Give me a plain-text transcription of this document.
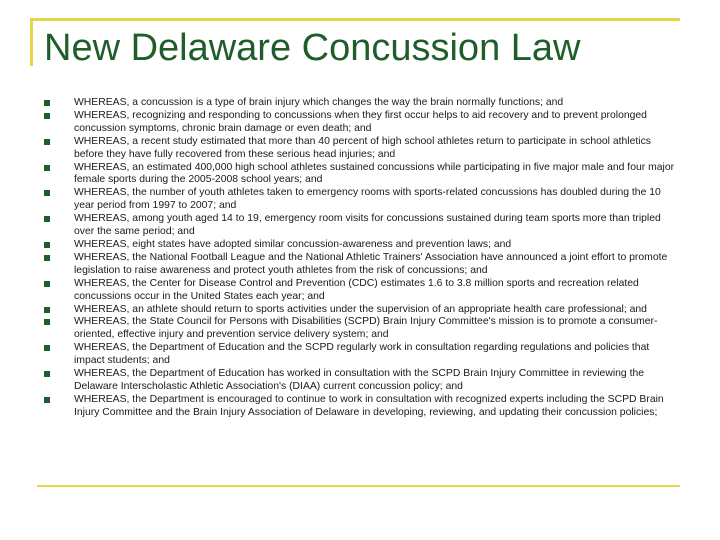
New Delaware Concussion Law
WHEREAS, a concussion is a type of brain injury which changes the way the brain normally functions; and
WHEREAS, recognizing and responding to concussions when they first occur helps to aid recovery and to prevent prolonged concussion symptoms, chronic brain damage or even death; and
WHEREAS, a recent study estimated that more than 40 percent of high school athletes return to participate in school athletics before they have fully recovered from these serious head injuries; and
WHEREAS, an estimated 400,000 high school athletes sustained concussions while participating in five major male and four major female sports during the 2005-2008 school years; and
WHEREAS, the number of youth athletes taken to emergency rooms with sports-related concussions has doubled during the 10 year period from 1997 to 2007; and
WHEREAS, among youth aged 14 to 19, emergency room visits for concussions sustained during team sports more than tripled over the same period; and
WHEREAS, eight states have adopted similar concussion-awareness and prevention laws; and
WHEREAS, the National Football League and the National Athletic Trainers' Association have announced a joint effort to promote legislation to raise awareness and protect youth athletes from the risk of concussions; and
WHEREAS, the Center for Disease Control and Prevention (CDC) estimates 1.6 to 3.8 million sports and recreation related concussions occur in the United States each year; and
WHEREAS, an athlete should return to sports activities under the supervision of an appropriate health care professional; and
WHEREAS, the State Council for Persons with Disabilities (SCPD) Brain Injury Committee's mission is to promote a consumer-oriented, effective injury and prevention service delivery system; and
WHEREAS, the Department of Education and the SCPD regularly work in consultation regarding regulations and policies that impact students; and
WHEREAS, the Department of Education has worked in consultation with the SCPD Brain Injury Committee in reviewing the Delaware Interscholastic Athletic Association's (DIAA) current concussion policy; and
WHEREAS, the Department is encouraged to continue to work in consultation with recognized experts including the SCPD Brain Injury Committee and the Brain Injury Association of Delaware in developing, reviewing, and updating their concussion policies;
